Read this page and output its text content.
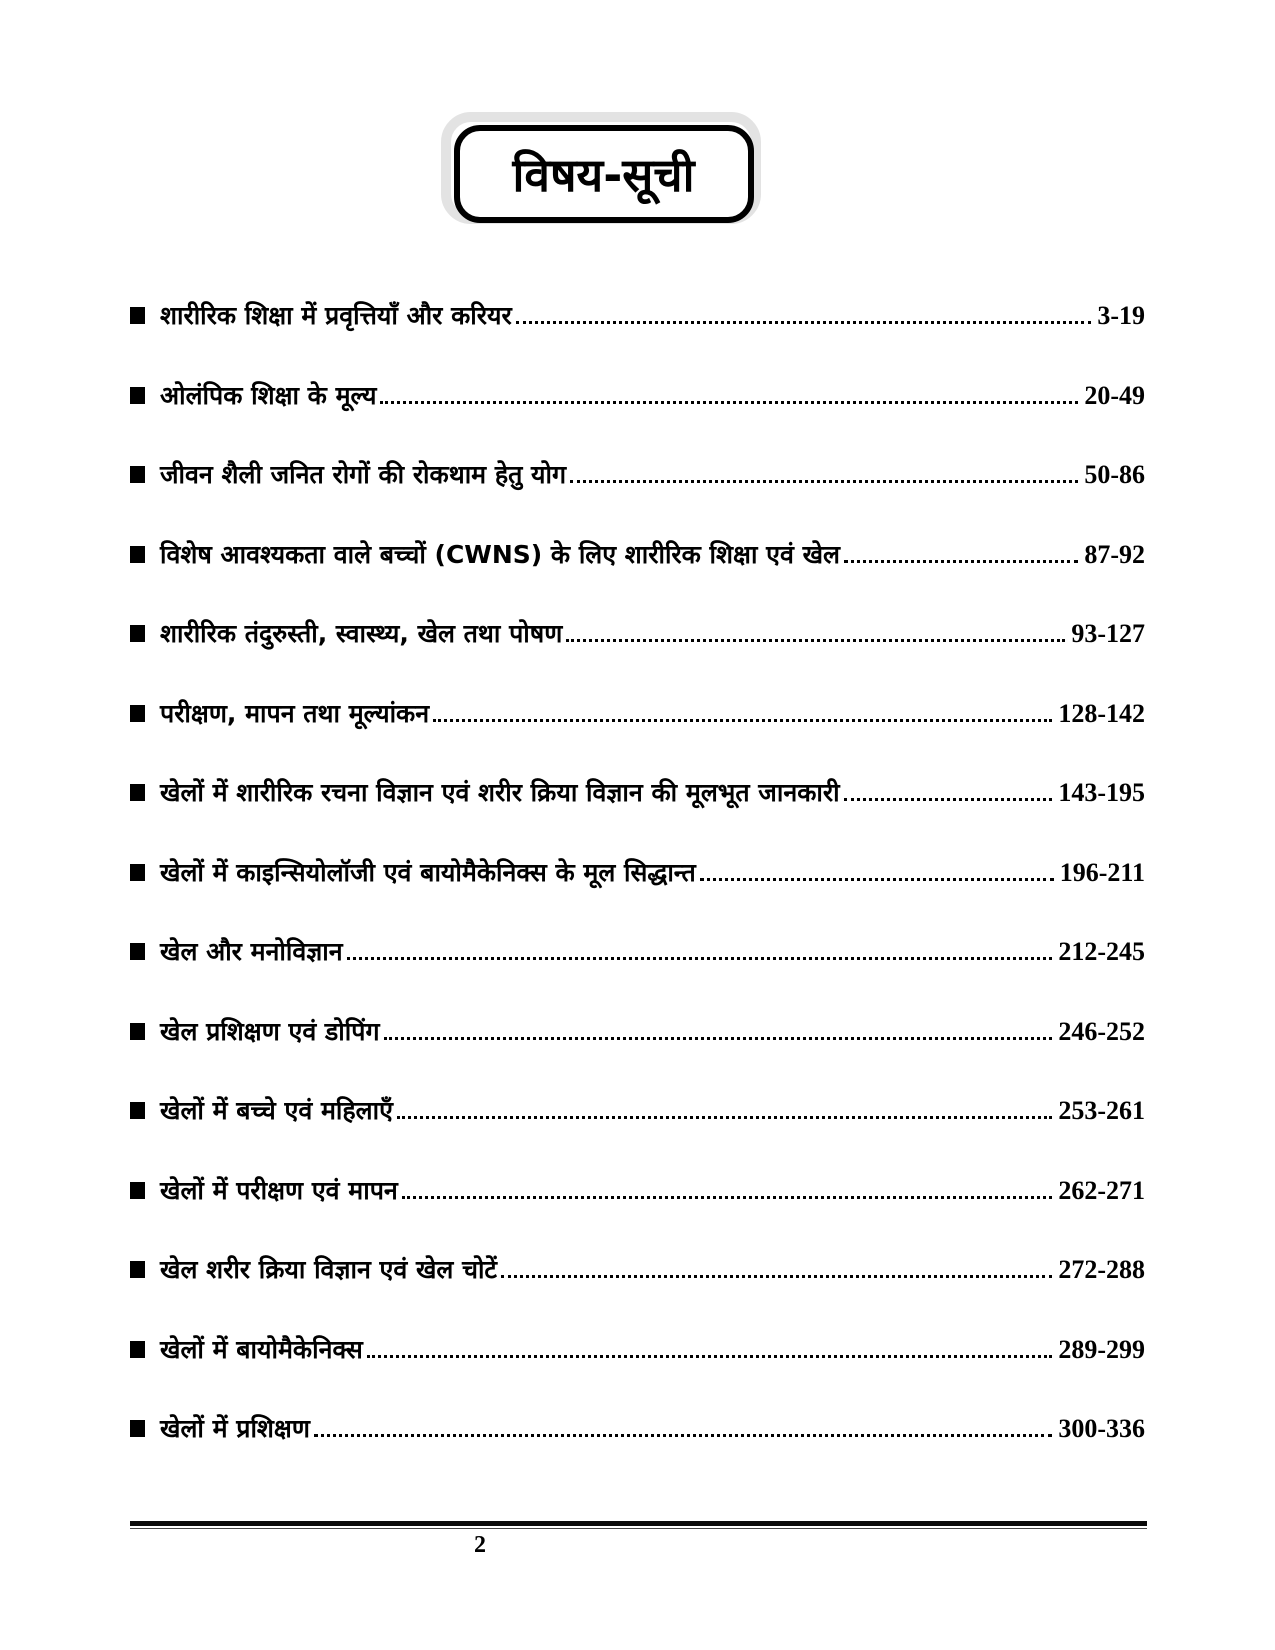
विषय-सूची
शारीरिक शिक्षा में प्रवृत्तियाँ और करियर	3-19
ओलंपिक शिक्षा के मूल्य	20-49
जीवन शैली जनित रोगों की रोकथाम हेतु योग	50-86
विशेष आवश्यकता वाले बच्चों (CWNS) के लिए शारीरिक शिक्षा एवं खेल	87-92
शारीरिक तंदुरुस्ती, स्वास्थ्य, खेल तथा पोषण	93-127
परीक्षण, मापन तथा मूल्यांकन	128-142
खेलों में शारीरिक रचना विज्ञान एवं शरीर क्रिया विज्ञान की मूलभूत जानकारी	143-195
खेलों में काइन्सियोलॉजी एवं बायोमैकेनिक्स के मूल सिद्धान्त	196-211
खेल और मनोविज्ञान	212-245
खेल प्रशिक्षण एवं डोपिंग	246-252
खेलों में बच्चे एवं महिलाएँ	253-261
खेलों में परीक्षण एवं मापन	262-271
खेल शरीर क्रिया विज्ञान एवं खेल चोटें	272-288
खेलों में बायोमैकेनिक्स	289-299
खेलों में प्रशिक्षण	300-336
2
